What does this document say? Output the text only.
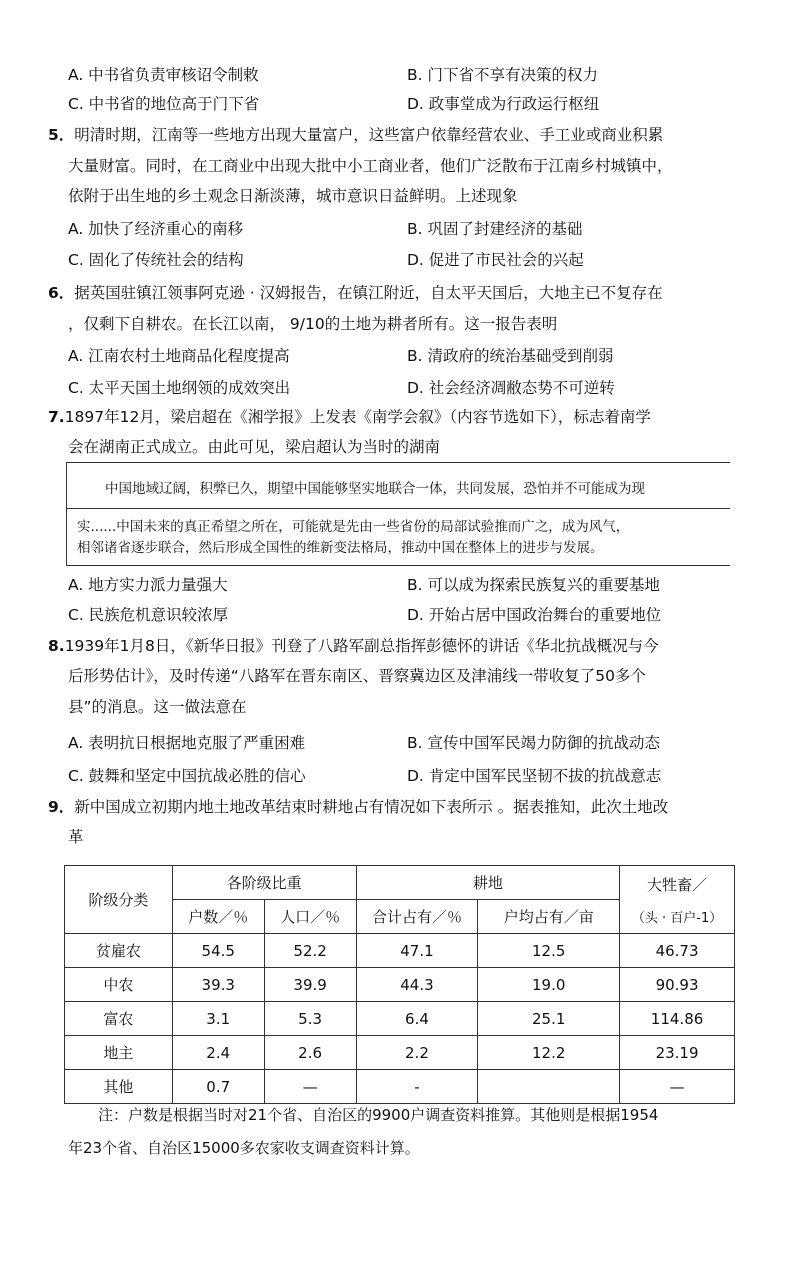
A. 中书省负责审核诏令制敕	B. 门下省不享有决策的权力
C. 中书省的地位高于门下省	D. 政事堂成为行政运行枢纽
5．明清时期，江南等一些地方出现大量富户，这些富户依靠经营农业、手工业或商业积累
大量财富。同时，在工商业中出现大批中小工商业者，他们广泛散布于江南乡村城镇中，
依附于出生地的乡土观念日渐淡薄，城市意识日益鲜明。上述现象
A. 加快了经济重心的南移	B. 巩固了封建经济的基础
C. 固化了传统社会的结构	D. 促进了市民社会的兴起
6．据英国驻镇江领事阿克逊 · 汉姆报告，在镇江附近，自太平天国后，大地主已不复存在
，仅剩下自耕农。在长江以南， 9/10的土地为耕者所有。这一报告表明
A. 江南农村土地商品化程度提高	B. 清政府的统治基础受到削弱
C. 太平天国土地纲领的成效突出	D. 社会经济凋敝态势不可逆转
7.1897年12月，梁启超在《湘学报》上发表《南学会叙》（内容节选如下），标志着南学
会在湖南正式成立。由此可见，梁启超认为当时的湖南
中国地域辽阔，积弊已久，期望中国能够坚实地联合一体，共同发展，恐怕并不可能成为现
实......中国未来的真正希望之所在，可能就是先由一些省份的局部试验推而广之，成为风气，
相邻诸省逐步联合，然后形成全国性的维新变法格局，推动中国在整体上的进步与发展。
A. 地方实力派力量强大	B. 可以成为探索民族复兴的重要基地
C. 民族危机意识较浓厚	D. 开始占居中国政治舞台的重要地位
8.1939年1月8日，《新华日报》刊登了八路军副总指挥彭德怀的讲话《华北抗战概况与今
后形势估计》，及时传递“八路军在晋东南区、晋察冀边区及津浦线一带收复了50多个
县”的消息。这一做法意在
A. 表明抗日根据地克服了严重困难	B. 宣传中国军民竭力防御的抗战动态
C. 鼓舞和坚定中国抗战必胜的信心	D. 肯定中国军民坚韧不拔的抗战意志
9．新中国成立初期内地土地改革结束时耕地占有情况如下表所示 。据表推知，此次土地改
革
阶级分类	各阶级比重		耕地		大牲畜／
（头 · 百户-1）

	户数／％	人口／％	合计占有／％	户均占有／亩	
贫雇农	54.5	52.2	47.1	12.5	46.73
中农	39.3	39.9	44.3	19.0	90.93
富农	3.1	5.3	6.4	25.1	114.86
地主	2.4	2.6	2.2	12.2	23.19
其他	0.7	—	-		—
注：户数是根据当时对21个省、自治区的9900户调查资料推算。其他则是根据1954
年23个省、自治区15000多农家收支调查资料计算。
